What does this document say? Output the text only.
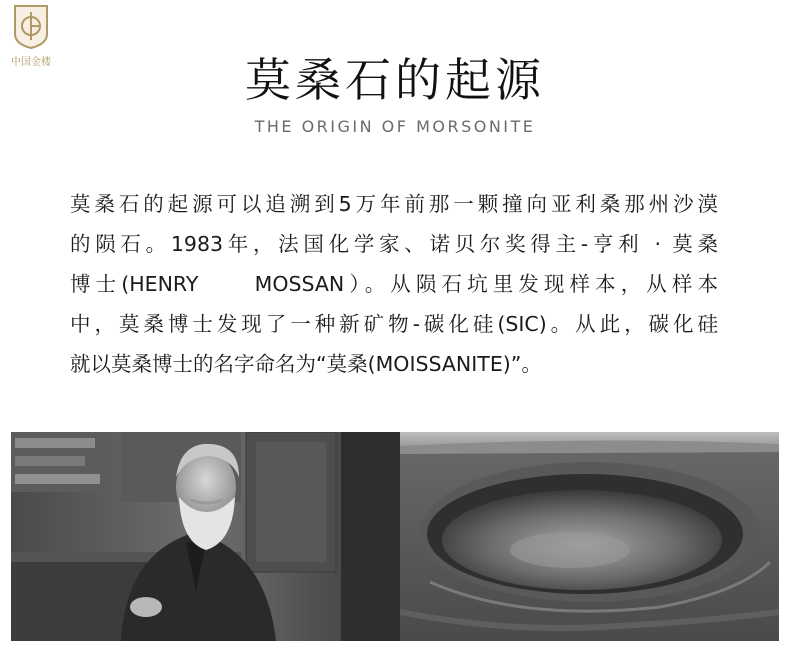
中国金楼	莫桑石的起源
THE ORIGIN OF MORSONITE
莫桑石的起源可以追溯到5万年前那一颗撞向亚利桑那州沙漠
的陨石。1983年，法国化学家、诺贝尔奖得主-亨利 · 莫桑
博士(HENRY　　MOSSAN）。从陨石坑里发现样本，从样本
中，莫桑博士发现了一种新矿物-碳化硅(SIC)。从此，碳化硅
就以莫桑博士的名字命名为“莫桑(MOISSANITE)”。
